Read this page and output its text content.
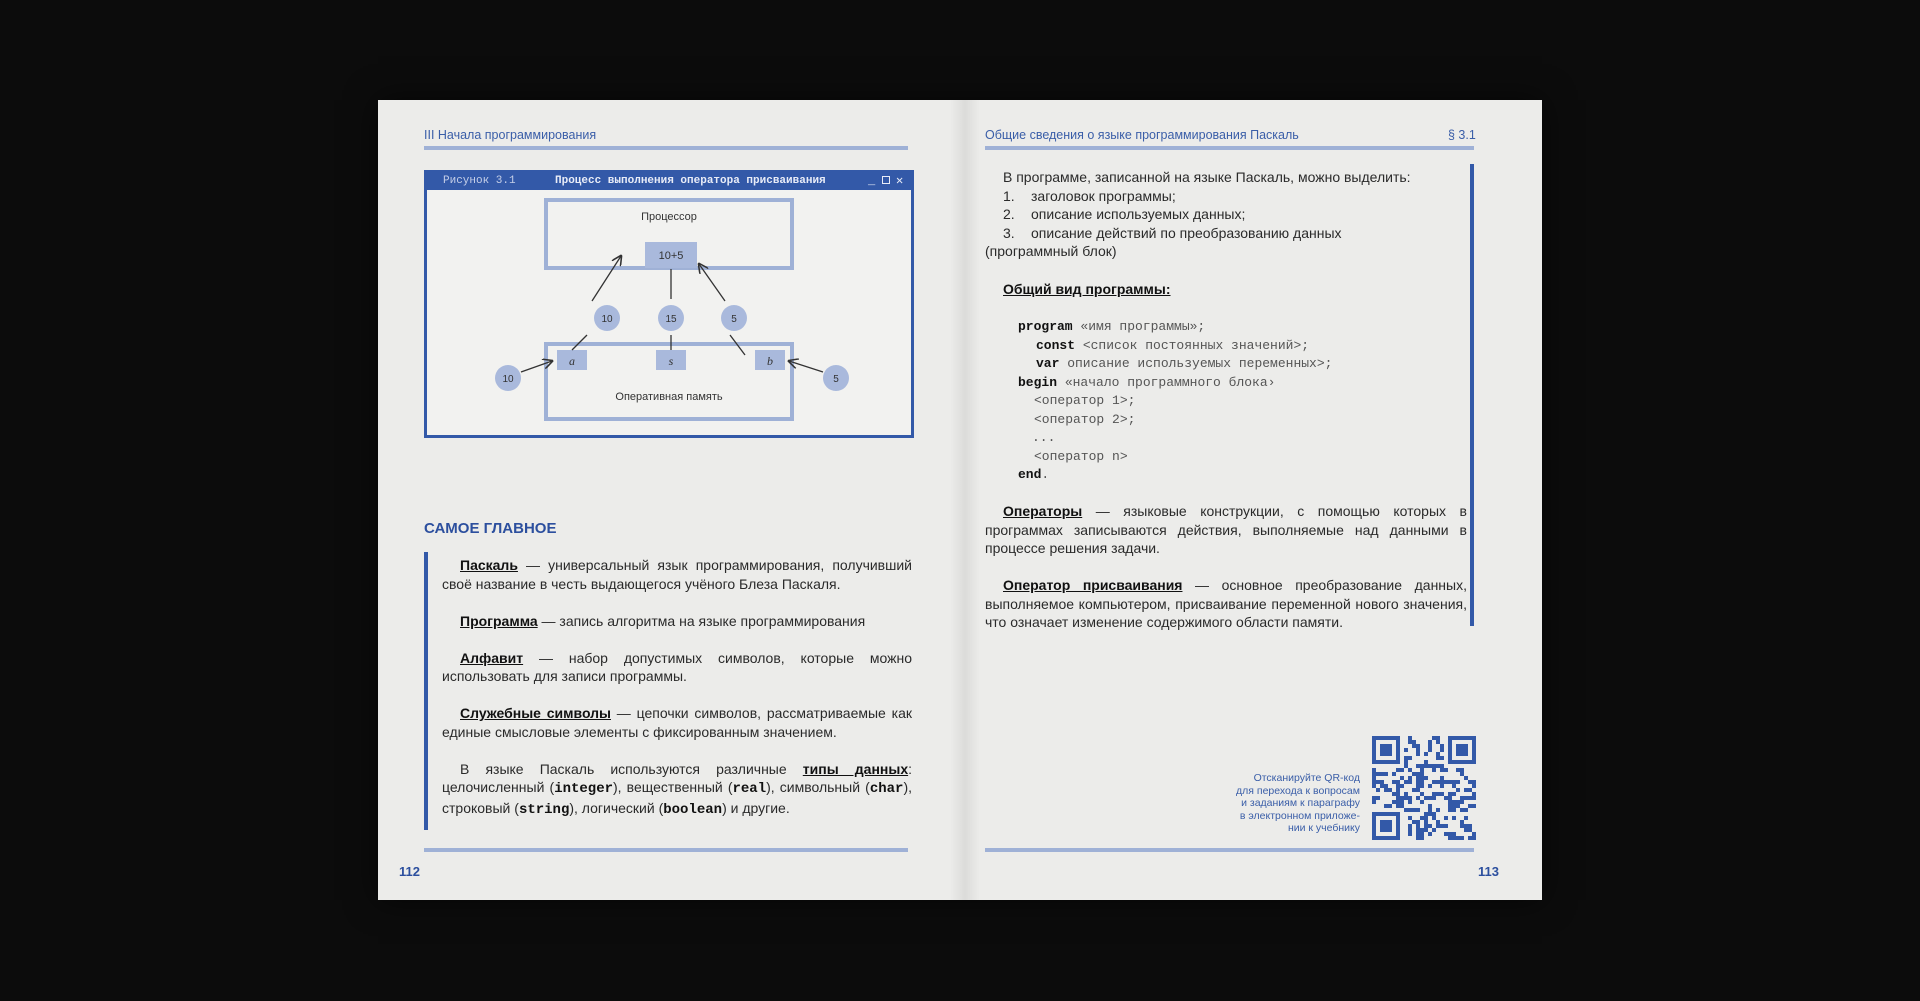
III Начала программирования
Рисунок 3.1	Процесс выполнения оператора присваивания	_ ✕
Процессор
10+5
Оперативная память
a	s	b
10	15	5
10	5
САМОЕ ГЛАВНОЕ

Паскаль — универсальный язык программирования, получивший своё название в честь выдающегося учёного Блеза Паскаля.

Программа — запись алгоритма на языке программирования

Алфавит — набор допустимых символов, которые можно использовать для записи программы.

Служебные символы — цепочки символов, рассматриваемые как единые смысловые элементы с фиксированным значением.

В языке Паскаль используются различные типы данных: целочисленный (integer), вещественный (real), символьный (char), строковый (string), логический (boolean) и другие.

112
Общие сведения о языке программирования Паскаль	§ 3.1
В программе, записанной на языке Паскаль, можно выделить:
1. заголовок программы;
2. описание используемых данных;
3. описание действий по преобразованию данных
(программный блок)
Общий вид программы:
program «имя программы»;
const <список постоянных значений>;
var описание используемых переменных>;
begin «начало программного блока›
<оператор 1>;
<оператор 2>;
...
<оператор n>
end.
Операторы — языковые конструкции, с помощью которых в программах записываются действия, выполняемые над данными в процессе решения задачи.
Оператор присваивания — основное преобразование данных, выполняемое компьютером, присваивание переменной нового значения, что означает изменение содержимого области памяти.
Отсканируйте QR-код
для перехода к вопросам
и заданиям к параграфу
в электронном приложе-
нии к учебнику
113
